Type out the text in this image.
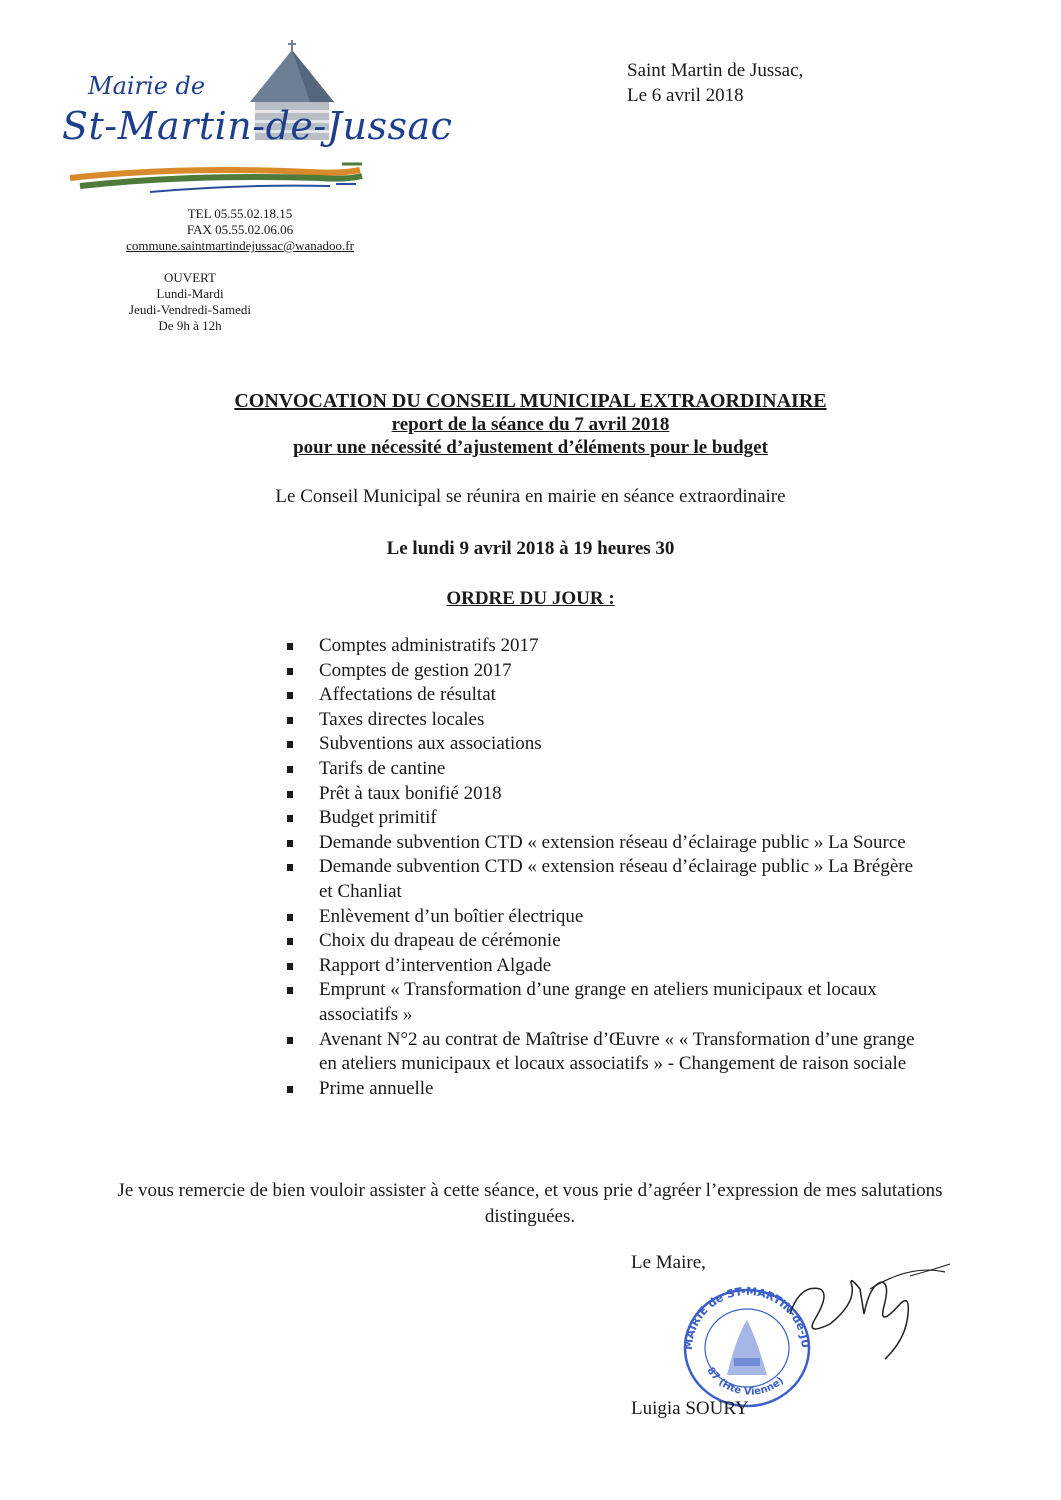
Mairie de
St-Martin-de-Jussac
TEL 05.55.02.18.15
FAX 05.55.02.06.06
commune.saintmartindejussac@wanadoo.fr
OUVERT
Lundi-Mardi
Jeudi-Vendredi-Samedi
De 9h à 12h
Saint Martin de Jussac,
Le 6 avril 2018
CONVOCATION DU CONSEIL MUNICIPAL EXTRAORDINAIRE
report de la séance du 7 avril 2018
pour une nécessité d’ajustement d’éléments pour le budget
Le Conseil Municipal se réunira en mairie en séance extraordinaire
Le lundi 9 avril 2018 à 19 heures 30
ORDRE DU JOUR :
Comptes administratifs 2017
Comptes de gestion 2017
Affectations de résultat
Taxes directes locales
Subventions aux associations
Tarifs de cantine
Prêt à taux bonifié 2018
Budget primitif
Demande subvention CTD « extension réseau d’éclairage public » La Source
Demande subvention CTD « extension réseau d’éclairage public » La Brégère et Chanliat
Enlèvement d’un boîtier électrique
Choix du drapeau de cérémonie
Rapport d’intervention Algade
Emprunt « Transformation d’une grange en ateliers municipaux et locaux associatifs »
Avenant N°2 au contrat de Maîtrise d’Œuvre « « Transformation d’une grange en ateliers municipaux et locaux associatifs » - Changement de raison sociale
Prime annuelle
Je vous remercie de bien vouloir assister à cette séance, et vous prie d’agréer l’expression de mes salutations distinguées.
Le Maire,
MAIRIE de ST-MARTIN-de-JU
87 (Hte Vienne)
Luigia SOURY
